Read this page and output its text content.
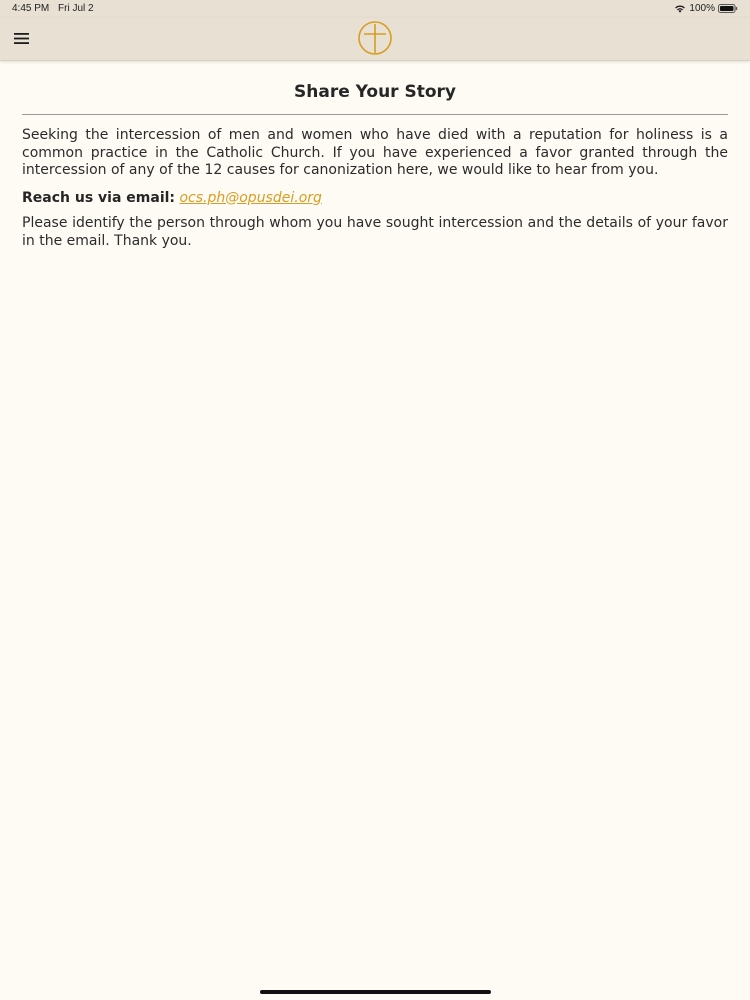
4:45 PM Fri Jul 2	100%
Share Your Story

Seeking the intercession of men and women who have died with a reputation for holiness is a common practice in the Catholic Church. If you have experienced a favor granted through the intercession of any of the 12 causes for canonization here, we would like to hear from you.

Reach us via email: ocs.ph@opusdei.org

Please identify the person through whom you have sought intercession and the details of your favor in the email. Thank you.
